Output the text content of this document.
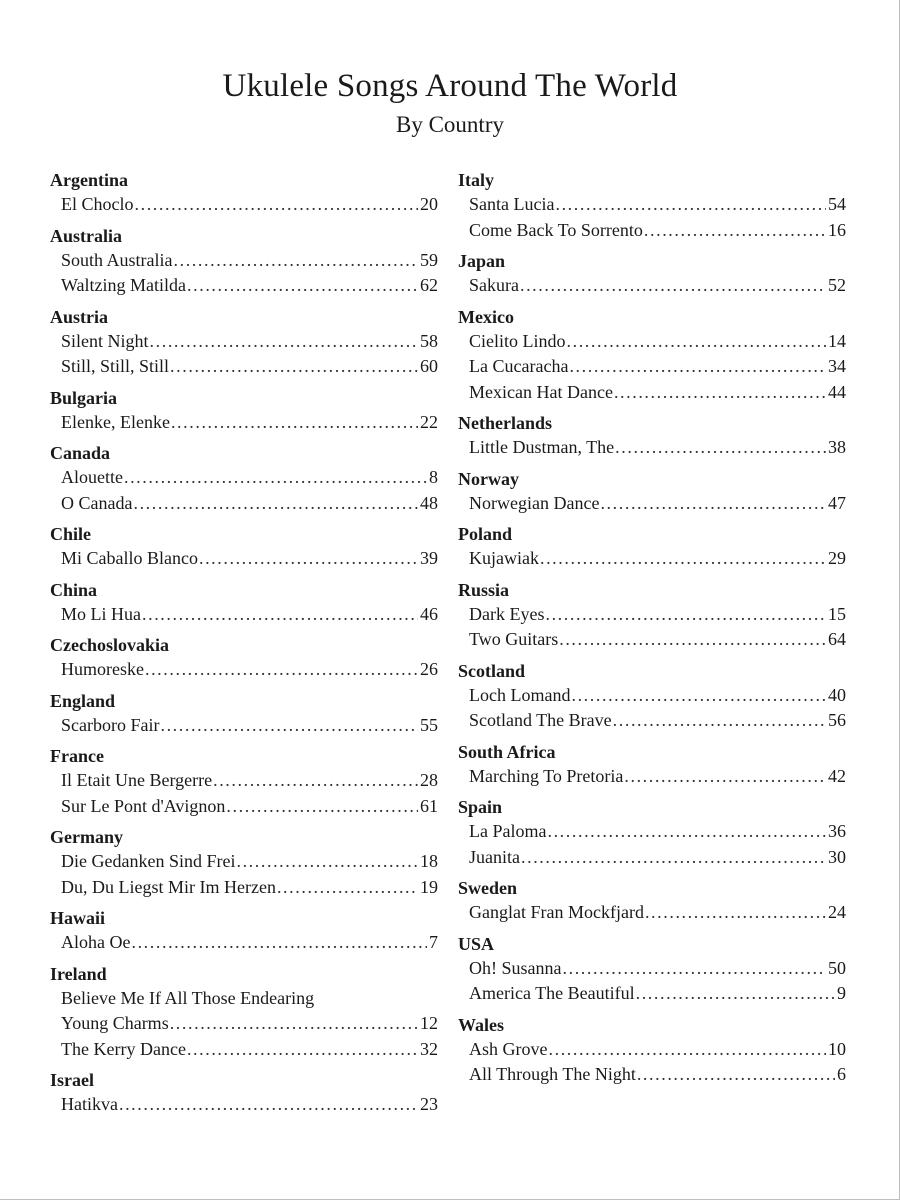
Ukulele Songs Around The World
By Country
Argentina
El Choclo .....	20
Australia
South Australia .....	59
Waltzing Matilda .....	62
Austria
Silent Night .....	58
Still, Still, Still .....	60
Bulgaria
Elenke, Elenke .....	22
Canada
Alouette .....	8
O Canada .....	48
Chile
Mi Caballo Blanco .....	39
China
Mo Li Hua .....	46
Czechoslovakia
Humoreske .....	26
England
Scarboro Fair .....	55
France
Il Etait Une Bergerre .....	28
Sur Le Pont d'Avignon .....	61
Germany
Die Gedanken Sind Frei .....	18
Du, Du Liegst Mir Im Herzen .....	19
Hawaii
Aloha Oe .....	7
Ireland
Believe Me If All Those Endearing
Young Charms .....	12
The Kerry Dance .....	32
Israel
Hatikva .....	23
Italy
Santa Lucia .....	54
Come Back To Sorrento .....	16
Japan
Sakura .....	52
Mexico
Cielito Lindo .....	14
La Cucaracha .....	34
Mexican Hat Dance .....	44
Netherlands
Little Dustman, The .....	38
Norway
Norwegian Dance .....	47
Poland
Kujawiak .....	29
Russia
Dark Eyes .....	15
Two Guitars .....	64
Scotland
Loch Lomand .....	40
Scotland The Brave .....	56
South Africa
Marching To Pretoria .....	42
Spain
La Paloma .....	36
Juanita .....	30
Sweden
Ganglat Fran Mockfjard .....	24
USA
Oh! Susanna .....	50
America The Beautiful .....	9
Wales
Ash Grove .....	10
All Through The Night .....	6
